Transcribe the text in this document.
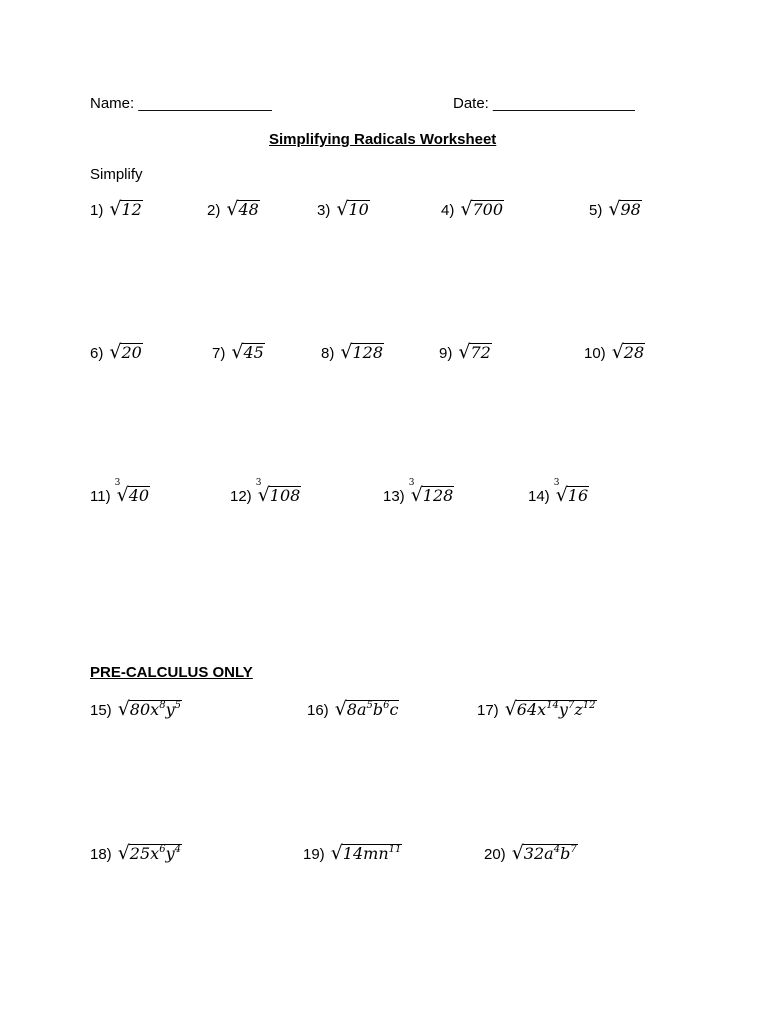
Name: ________________	Date: _________________
Simplifying Radicals Worksheet
Simplify
PRE-CALCULUS ONLY
1) √ 12	2) √ 48	3) √ 10	4) √ 700	5) √ 98
6) √ 20	7) √ 45	8) √ 128	9) √ 72	10) √ 28
11)
3
√ 40	12)
3
√ 108	13)
3
√ 128	14)
3
√ 16
15) √ $80x^8y^5$	16) √ $8a^5b^6c$	17) √ $64x^{14}y^7z^{12}$
18) √ $25x^6y^4$	19) √ $14mn^{11}$	20) √ $32a^4b^7$
